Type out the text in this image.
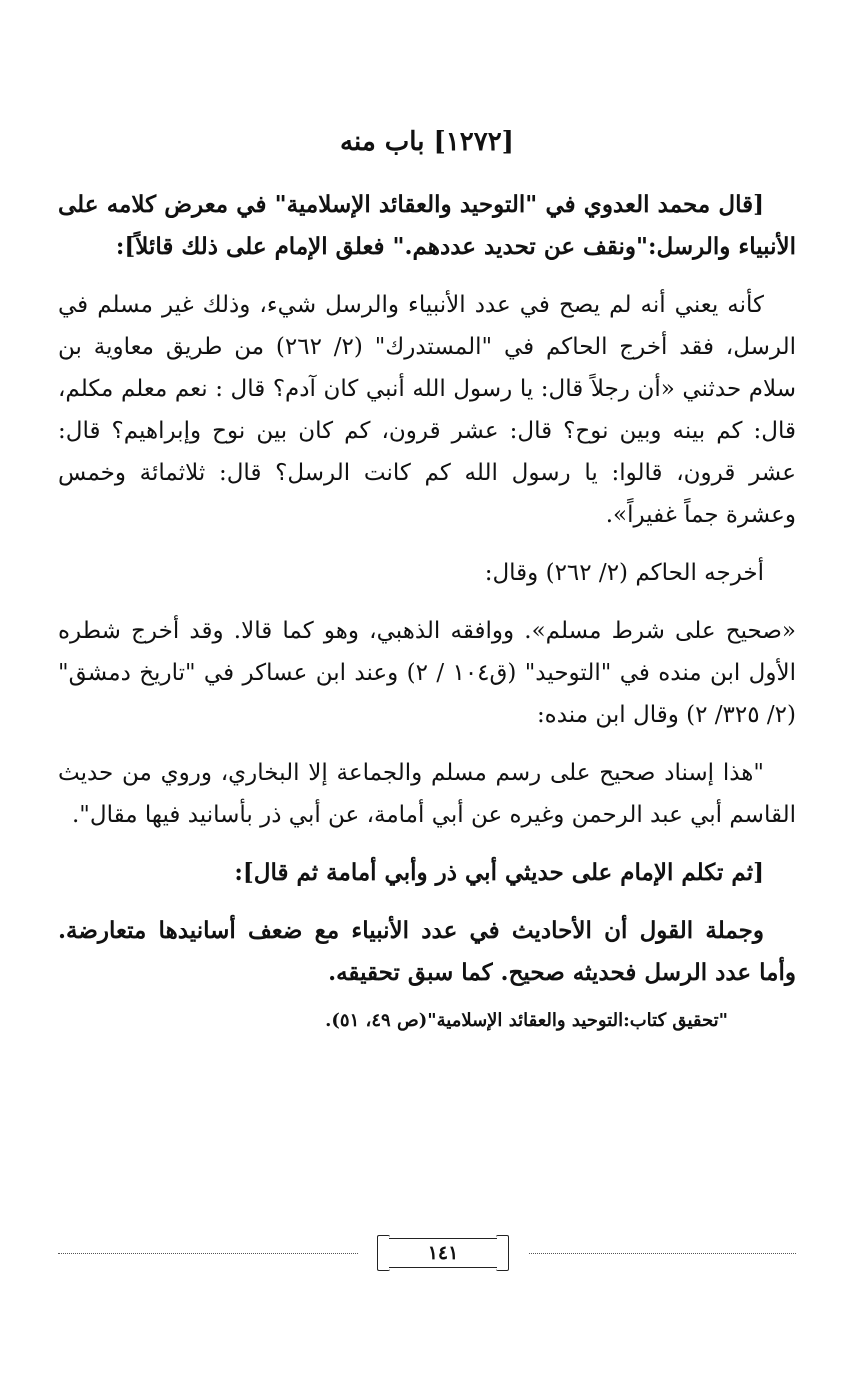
[١٢٧٢] باب منه

[قال محمد العدوي في "التوحيد والعقائد الإسلامية" في معرض كلامه على الأنبياء والرسل:"ونقف عن تحديد عددهم." فعلق الإمام على ذلك قائلاً]:

كأنه يعني أنه لم يصح في عدد الأنبياء والرسل شيء، وذلك غير مسلم في الرسل، فقد أخرج الحاكم في "المستدرك" (٢/ ٢٦٢) من طريق معاوية بن سلام حدثني «أن رجلاً قال: يا رسول الله أنبي كان آدم؟ قال : نعم معلم مكلم، قال: كم بينه وبين نوح؟ قال: عشر قرون، كم كان بين نوح وإبراهيم؟ قال: عشر قرون، قالوا: يا رسول الله كم كانت الرسل؟ قال: ثلاثمائة وخمس وعشرة جماً غفيراً».

أخرجه الحاكم (٢/ ٢٦٢) وقال:

«صحيح على شرط مسلم». ووافقه الذهبي، وهو كما قالا. وقد أخرج شطره الأول ابن منده في "التوحيد" (ق١٠٤ / ٢) وعند ابن عساكر في "تاريخ دمشق" (٢/ ٣٢٥/ ٢) وقال ابن منده:

"هذا إسناد صحيح على رسم مسلم والجماعة إلا البخاري، وروي من حديث القاسم أبي عبد الرحمن وغيره عن أبي أمامة، عن أبي ذر بأسانيد فيها مقال".

[ثم تكلم الإمام على حديثي أبي ذر وأبي أمامة ثم قال]:

وجملة القول أن الأحاديث في عدد الأنبياء مع ضعف أسانيدها متعارضة. وأما عدد الرسل فحديثه صحيح. كما سبق تحقيقه.

"تحقيق كتاب:التوحيد والعقائد الإسلامية"(ص ٤٩، ٥١).
١٤١
